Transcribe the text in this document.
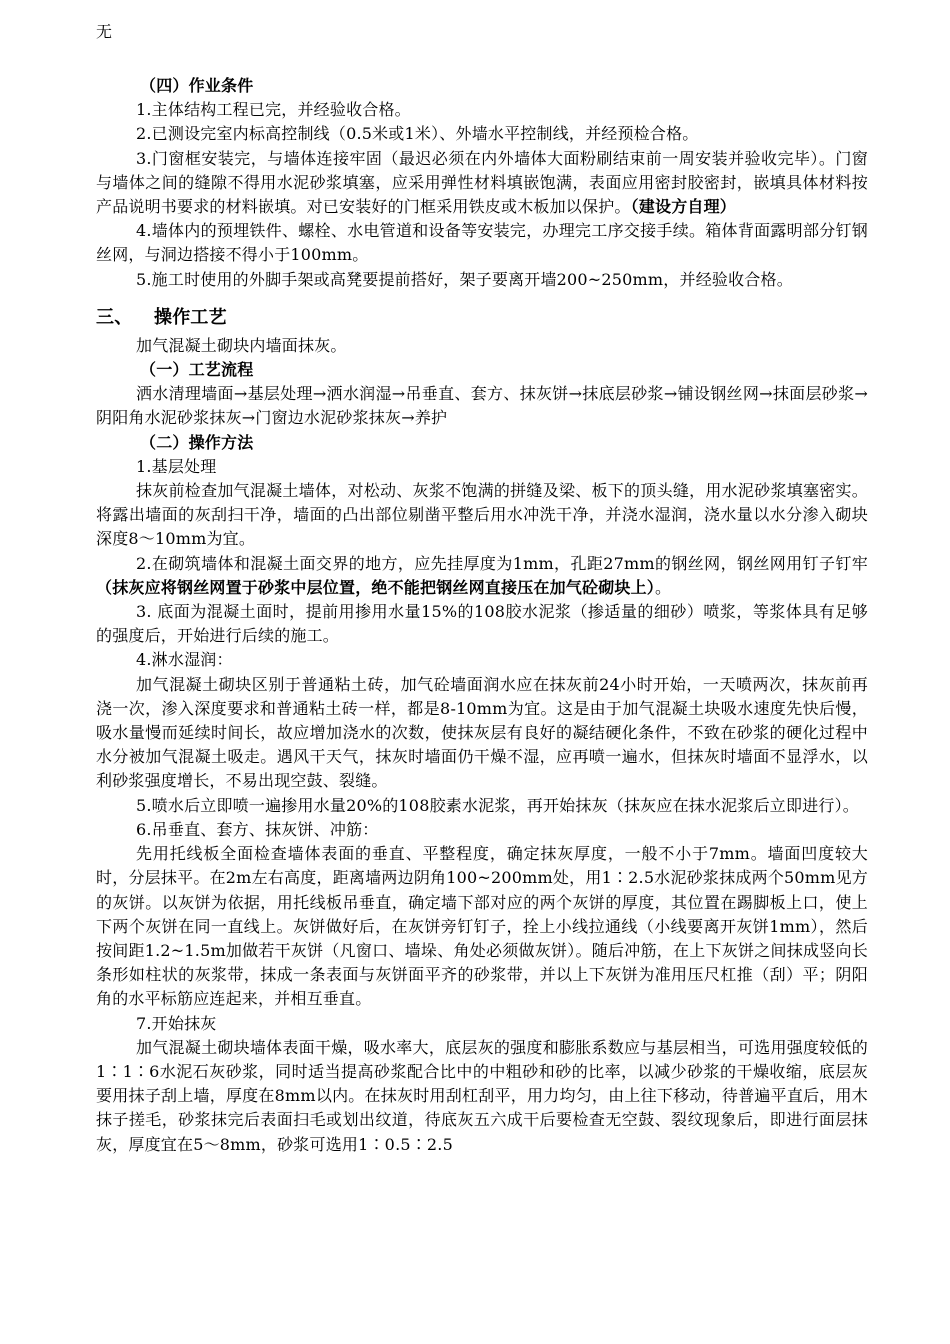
无

（四）作业条件

1.主体结构工程已完，并经验收合格。

2.已测设完室内标高控制线（0.5米或1米）、外墙水平控制线，并经预检合格。

3.门窗框安装完，与墙体连接牢固（最迟必须在内外墙体大面粉刷结束前一周安装并验收完毕）。门窗与墙体之间的缝隙不得用水泥砂浆填塞，应采用弹性材料填嵌饱满，表面应用密封胶密封，嵌填具体材料按产品说明书要求的材料嵌填。对已安装好的门框采用铁皮或木板加以保护。（建设方自理）

4.墙体内的预埋铁件、螺栓、水电管道和设备等安装完，办理完工序交接手续。箱体背面露明部分钉钢丝网，与洞边搭接不得小于100mm。

5.施工时使用的外脚手架或高凳要提前搭好，架子要离开墙200~250mm，并经验收合格。

三、 操作工艺

加气混凝土砌块内墙面抹灰。

（一）工艺流程

洒水清理墙面→基层处理→洒水润湿→吊垂直、套方、抹灰饼→抹底层砂浆→铺设钢丝网→抹面层砂浆→阴阳角水泥砂浆抹灰→门窗边水泥砂浆抹灰→养护

（二）操作方法

1.基层处理

抹灰前检查加气混凝土墙体，对松动、灰浆不饱满的拼缝及梁、板下的顶头缝，用水泥砂浆填塞密实。将露出墙面的灰刮扫干净，墙面的凸出部位剔凿平整后用水冲洗干净，并浇水湿润，浇水量以水分渗入砌块深度8～10mm为宜。

2.在砌筑墙体和混凝土面交界的地方，应先挂厚度为1mm，孔距27mm的钢丝网，钢丝网用钉子钉牢（抹灰应将钢丝网置于砂浆中层位置，绝不能把钢丝网直接压在加气砼砌块上）。

3. 底面为混凝土面时，提前用掺用水量15%的108胶水泥浆（掺适量的细砂）喷浆，等浆体具有足够的强度后，开始进行后续的施工。

4.淋水湿润：

加气混凝土砌块区别于普通粘土砖，加气砼墙面润水应在抹灰前24小时开始，一天喷两次，抹灰前再浇一次，渗入深度要求和普通粘土砖一样，都是8-10mm为宜。这是由于加气混凝土块吸水速度先快后慢，吸水量慢而延续时间长，故应增加浇水的次数，使抹灰层有良好的凝结硬化条件，不致在砂浆的硬化过程中水分被加气混凝土吸走。遇风干天气，抹灰时墙面仍干燥不湿，应再喷一遍水，但抹灰时墙面不显浮水，以利砂浆强度增长，不易出现空鼓、裂缝。

5.喷水后立即喷一遍掺用水量20%的108胶素水泥浆，再开始抹灰（抹灰应在抹水泥浆后立即进行）。

6.吊垂直、套方、抹灰饼、冲筋：

先用托线板全面检查墙体表面的垂直、平整程度，确定抹灰厚度，一般不小于7mm。墙面凹度较大时，分层抹平。在2m左右高度，距离墙两边阴角100~200mm处，用1∶2.5水泥砂浆抹成两个50mm见方的灰饼。以灰饼为依据，用托线板吊垂直，确定墙下部对应的两个灰饼的厚度，其位置在踢脚板上口，使上下两个灰饼在同一直线上。灰饼做好后，在灰饼旁钉钉子，拴上小线拉通线（小线要离开灰饼1mm），然后按间距1.2~1.5m加做若干灰饼（凡窗口、墙垛、角处必须做灰饼）。随后冲筋，在上下灰饼之间抹成竖向长条形如柱状的灰浆带，抹成一条表面与灰饼面平齐的砂浆带，并以上下灰饼为准用压尺杠推（刮）平；阴阳角的水平标筋应连起来，并相互垂直。

7.开始抹灰

加气混凝土砌块墙体表面干燥，吸水率大，底层灰的强度和膨胀系数应与基层相当，可选用强度较低的1∶1∶6水泥石灰砂浆，同时适当提高砂浆配合比中的中粗砂和砂的比率，以减少砂浆的干燥收缩，底层灰要用抹子刮上墙，厚度在8mm以内。在抹灰时用刮杠刮平，用力均匀，由上往下移动，待普遍平直后，用木抹子搓毛，砂浆抹完后表面扫毛或划出纹道，待底灰五六成干后要检查无空鼓、裂纹现象后，即进行面层抹灰，厚度宜在5～8mm，砂浆可选用1∶0.5∶2.5
